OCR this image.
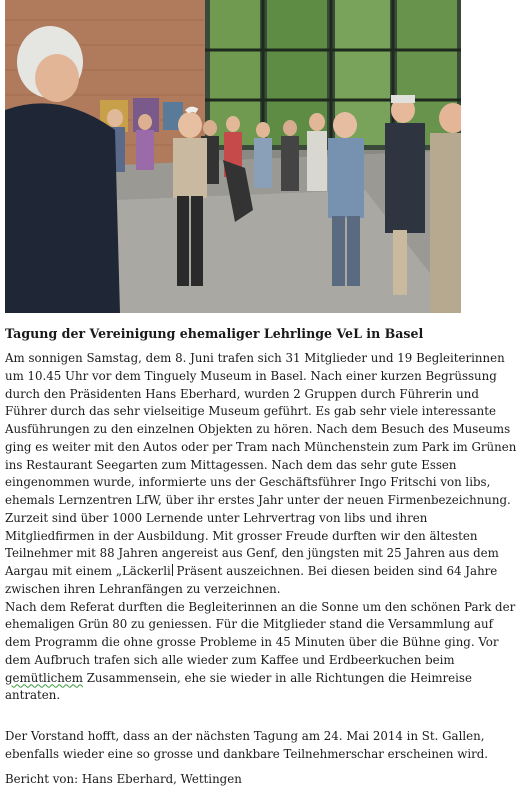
Tagung der Vereinigung ehemaliger Lehrlinge VeL in Basel

Am sonnigen Samstag, dem 8. Juni trafen sich 31 Mitglieder und 19 Begleiterinnen um 10.45 Uhr vor dem Tinguely Museum in Basel. Nach einer kurzen Begrüssung durch den Präsidenten Hans Eberhard, wurden 2 Gruppen durch Führerin und Führer durch das sehr vielseitige Museum geführt. Es gab sehr viele interessante Ausführungen zu den einzelnen Objekten zu hören. Nach dem Besuch des Museums ging es weiter mit den Autos oder per Tram nach Münchenstein zum Park im Grünen ins Restaurant Seegarten zum Mittagessen. Nach dem das sehr gute Essen eingenommen wurde, informierte uns der Geschäftsführer Ingo Fritschi von libs, ehemals Lernzentren LfW, über ihr erstes Jahr unter der neuen Firmenbezeichnung. Zurzeit sind über 1000 Lernende unter Lehrvertrag von libs und ihren Mitgliedfirmen in der Ausbildung. Mit grosser Freude durften wir den ältesten Teilnehmer mit 88 Jahren angereist aus Genf, den jüngsten mit 25 Jahren aus dem Aargau mit einem „Läckerli Präsent auszeichnen. Bei diesen beiden sind 64 Jahre zwischen ihren Lehranfängen zu verzeichnen.
Nach dem Referat durften die Begleiterinnen an die Sonne um den schönen Park der ehemaligen Grün 80 zu geniessen. Für die Mitglieder stand die Versammlung auf dem Programm die ohne grosse Probleme in 45 Minuten über die Bühne ging. Vor dem Aufbruch trafen sich alle wieder zum Kaffee und Erdbeerkuchen beim gemütlichem Zusammensein, ehe sie wieder in alle Richtungen die Heimreise antraten.

Der Vorstand hofft, dass an der nächsten Tagung am 24. Mai 2014 in St. Gallen, ebenfalls wieder eine so grosse und dankbare Teilnehmerschar erscheinen wird.

Bericht von: Hans Eberhard, Wettingen
